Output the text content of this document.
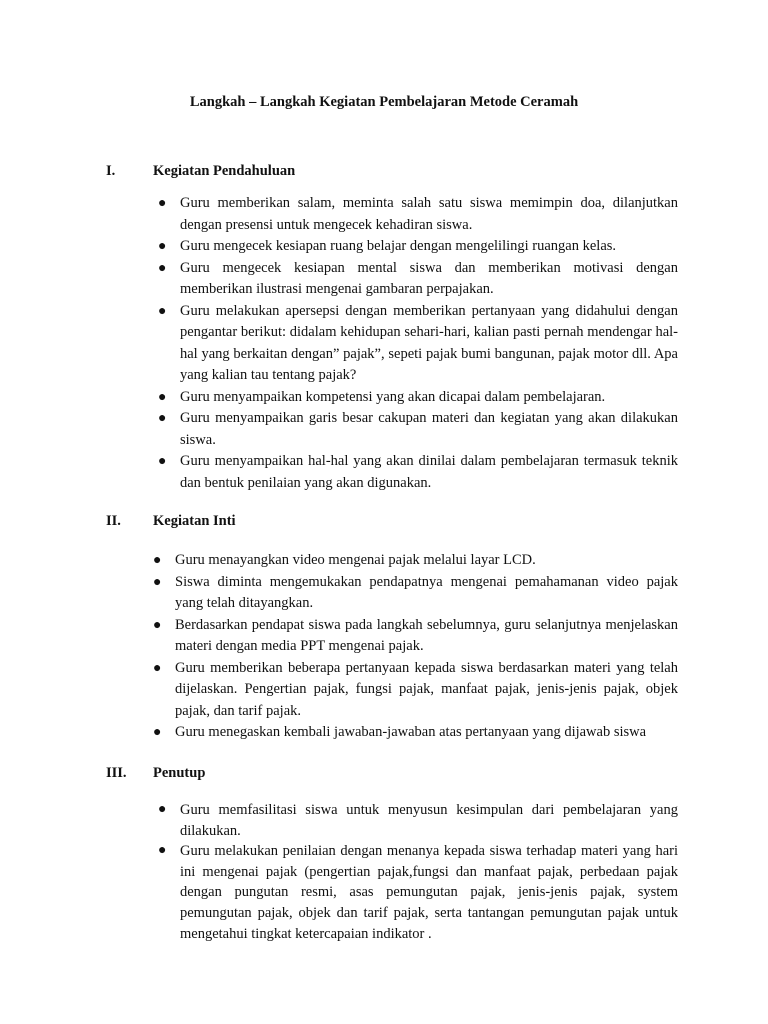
Langkah – Langkah Kegiatan Pembelajaran Metode Ceramah
I.	Kegiatan Pendahuluan
● Guru memberikan salam, meminta salah satu siswa memimpin doa, dilanjutkan dengan presensi untuk mengecek kehadiran siswa.
● Guru mengecek kesiapan ruang belajar dengan mengelilingi ruangan kelas.
● Guru mengecek kesiapan mental siswa dan memberikan motivasi dengan memberikan ilustrasi mengenai gambaran perpajakan.
● Guru melakukan apersepsi dengan memberikan pertanyaan yang didahului dengan pengantar berikut: didalam kehidupan sehari-hari, kalian pasti pernah mendengar hal-hal yang berkaitan dengan” pajak”, sepeti pajak bumi bangunan, pajak motor dll. Apa yang kalian tau tentang pajak?
● Guru menyampaikan kompetensi yang akan dicapai dalam pembelajaran.
● Guru menyampaikan garis besar cakupan materi dan kegiatan yang akan dilakukan siswa.
● Guru menyampaikan hal-hal yang akan dinilai dalam pembelajaran termasuk teknik dan bentuk penilaian yang akan digunakan.
II. Kegiatan Inti
● Guru menayangkan video mengenai pajak melalui layar LCD.
● Siswa diminta mengemukakan pendapatnya mengenai pemahamanan video pajak yang telah ditayangkan.
● Berdasarkan pendapat siswa pada langkah sebelumnya, guru selanjutnya menjelaskan materi dengan media PPT mengenai pajak.
● Guru memberikan beberapa pertanyaan kepada siswa berdasarkan materi yang telah dijelaskan. Pengertian pajak, fungsi pajak, manfaat pajak, jenis-jenis pajak, objek pajak, dan tarif pajak.
● Guru menegaskan kembali jawaban-jawaban atas pertanyaan yang dijawab siswa
III. Penutup
● Guru memfasilitasi siswa untuk menyusun kesimpulan dari pembelajaran yang dilakukan.
● Guru melakukan penilaian dengan menanya kepada siswa terhadap materi yang hari ini mengenai pajak (pengertian pajak,fungsi dan manfaat pajak, perbedaan pajak dengan pungutan resmi, asas pemungutan pajak, jenis-jenis pajak, system pemungutan pajak, objek dan tarif pajak, serta tantangan pemungutan pajak untuk mengetahui tingkat ketercapaian indikator .
